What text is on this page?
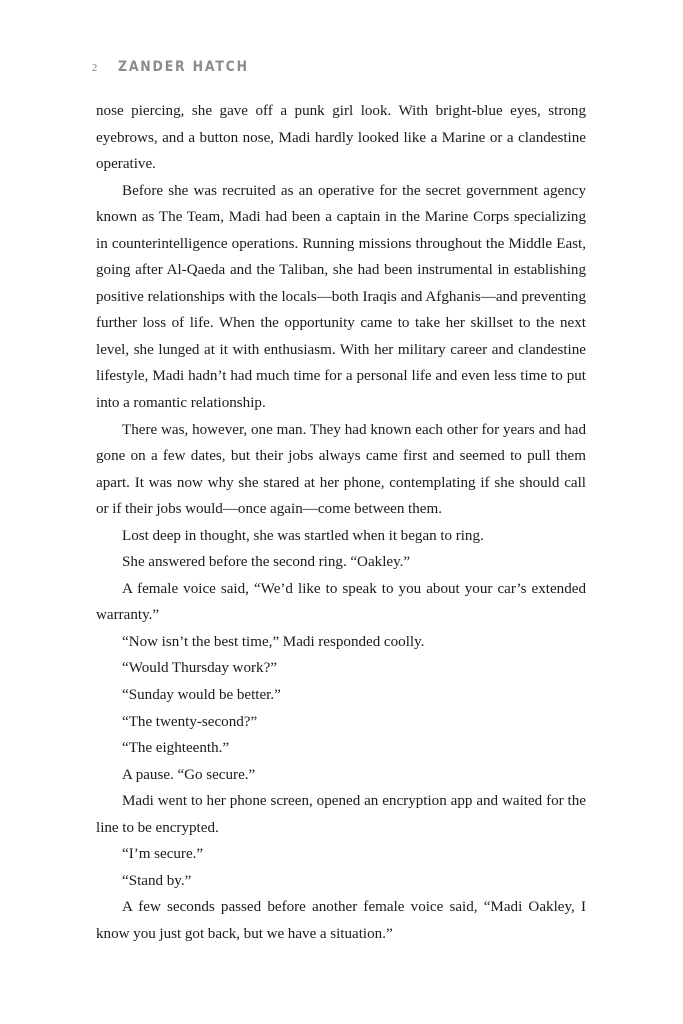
2	ZANDER HATCH

nose piercing, she gave off a punk girl look. With bright-blue eyes, strong eyebrows, and a button nose, Madi hardly looked like a Marine or a clandestine operative.

Before she was recruited as an operative for the secret government agency known as The Team, Madi had been a captain in the Marine Corps specializing in counterintelligence operations. Running missions throughout the Middle East, going after Al-Qaeda and the Taliban, she had been instrumental in establishing positive relationships with the locals—both Iraqis and Afghanis—and preventing further loss of life. When the opportunity came to take her skillset to the next level, she lunged at it with enthusiasm. With her military career and clandestine lifestyle, Madi hadn’t had much time for a personal life and even less time to put into a romantic relationship.

There was, however, one man. They had known each other for years and had gone on a few dates, but their jobs always came first and seemed to pull them apart. It was now why she stared at her phone, contemplating if she should call or if their jobs would—once again—come between them.

Lost deep in thought, she was startled when it began to ring.

She answered before the second ring. “Oakley.”

A female voice said, “We’d like to speak to you about your car’s extended warranty.”

“Now isn’t the best time,” Madi responded coolly.

“Would Thursday work?”

“Sunday would be better.”

“The twenty-second?”

“The eighteenth.”

A pause. “Go secure.”

Madi went to her phone screen, opened an encryption app and waited for the line to be encrypted.

“I’m secure.”

“Stand by.”

A few seconds passed before another female voice said, “Madi Oakley, I know you just got back, but we have a situation.”
